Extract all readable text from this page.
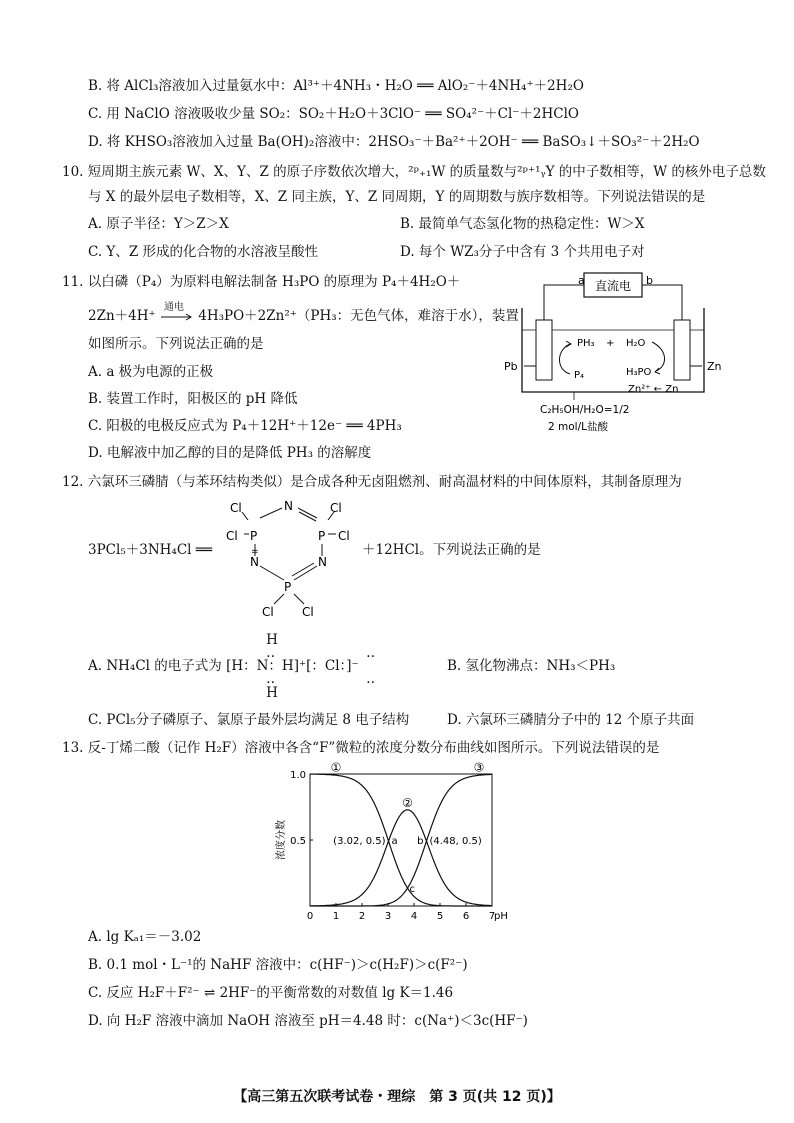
B. 将 AlCl₃溶液加入过量氨水中：Al³⁺＋4NH₃・H₂O ══ AlO₂⁻＋4NH₄⁺＋2H₂O
C. 用 NaClO 溶液吸收少量 SO₂：SO₂＋H₂O＋3ClO⁻ ══ SO₄²⁻＋Cl⁻＋2HClO
D. 将 KHSO₃溶液加入过量 Ba(OH)₂溶液中：2HSO₃⁻＋Ba²⁺＋2OH⁻ ══ BaSO₃↓＋SO₃²⁻＋2H₂O
10. 短周期主族元素 W、X、Y、Z 的原子序数依次增大，²ᵖ₊₁W 的质量数与²ᵖ⁺¹ᵧY 的中子数相等，W 的核外电子总数
与 X 的最外层电子数相等，X、Z 同主族，Y、Z 同周期，Y 的周期数与族序数相等。下列说法错误的是
A. 原子半径：Y＞Z＞X	B. 最简单气态氢化物的热稳定性：W＞X
C. Y、Z 形成的化合物的水溶液呈酸性	D. 每个 WZ₃分子中含有 3 个共用电子对
11. 以白磷（P₄）为原料电解法制备 H₃PO 的原理为 P₄＋4H₂O＋
2Zn＋4H⁺
通电
4H₃PO＋2Zn²⁺（PH₃：无色气体，难溶于水），装置
如图所示。下列说法正确的是
A. a 极为电源的正极
B. 装置工作时，阳极区的 pH 降低
C. 阳极的电极反应式为 P₄＋12H⁺＋12e⁻ ══ 4PH₃
D. 电解液中加乙醇的目的是降低 PH₃ 的溶解度
直流电
a	b
Pb	Zn
PH₃ + H₂O
P₄	H₃PO
Zn²⁺ ← Zn
C₂H₅OH/H₂O=1/2
2 mol/L盐酸
12. 六氯环三磷腈（与苯环结构类似）是合成各种无卤阻燃剂、耐高温材料的中间体原料，其制备原理为
3PCl₅＋3NH₄Cl ══	＋12HCl。下列说法正确的是
N
P	P
N	N
=
P
Cl
Cl
Cl
Cl
Cl Cl
A. NH₄Cl 的电子式为 [H：N：H]⁺[：Cl：]⁻
H
‥
‥
H
‥
‥
B. 氢化物沸点：NH₃＜PH₃
C. PCl₅分子磷原子、氯原子最外层均满足 8 电子结构	D. 六氯环三磷腈分子中的 12 个原子共面
13. 反-丁烯二酸（记作 H₂F）溶液中各含“F”微粒的浓度分数分布曲线如图所示。下列说法错误的是
0 1 2 3 4 5 6 7
pH
0.5
1.0
浓度分数
①
②
③
(3.02, 0.5) a b (4.48, 0.5)
c
A. lg Kₐ₁＝－3.02
B. 0.1 mol・L⁻¹的 NaHF 溶液中：c(HF⁻)＞c(H₂F)＞c(F²⁻)
C. 反应 H₂F＋F²⁻ ⇌ 2HF⁻的平衡常数的对数值 lg K＝1.46
D. 向 H₂F 溶液中滴加 NaOH 溶液至 pH＝4.48 时：c(Na⁺)＜3c(HF⁻)
【高三第五次联考试卷・理综　第 3 页(共 12 页)】
